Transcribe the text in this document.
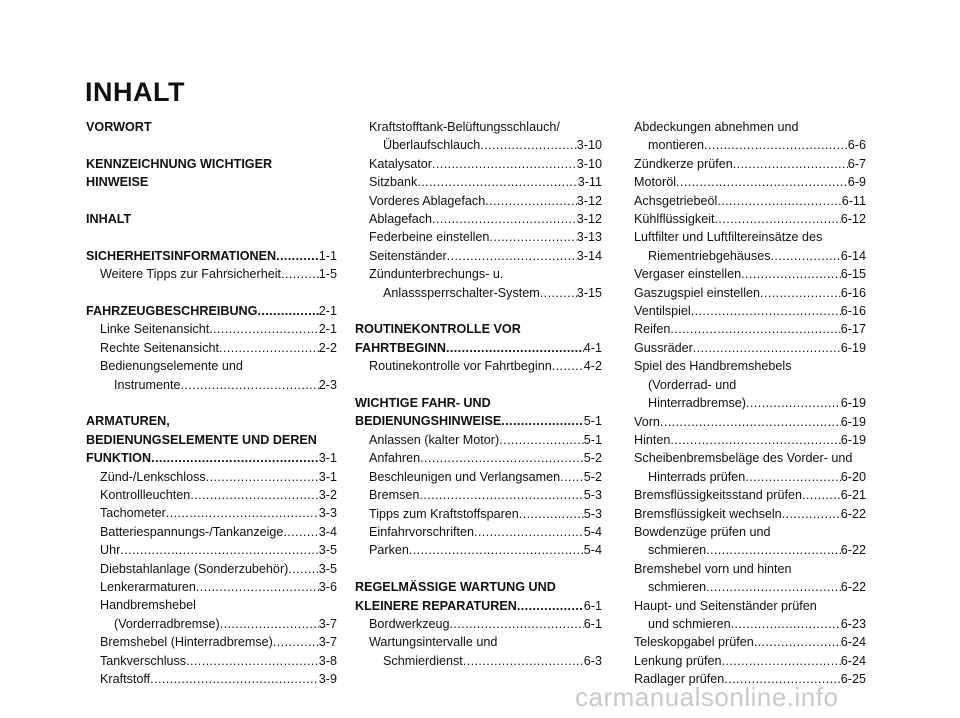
INHALT
VORWORT
KENNZEICHNUNG WICHTIGER
HINWEISE
INHALT
SICHERHEITSINFORMATIONEN .....	1-1
Weitere Tipps zur Fahrsicherheit .....	1-5
FAHRZEUGBESCHREIBUNG .....	2-1
Linke Seitenansicht .....	2-1
Rechte Seitenansicht .....	2-2
Bedienungselemente und
Instrumente .....	2-3
ARMATUREN,
BEDIENUNGSELEMENTE UND DEREN
FUNKTION .....	3-1
Zünd-/Lenkschloss .....	3-1
Kontrollleuchten .....	3-2
Tachometer .....	3-3
Batteriespannungs-/Tankanzeige .....	3-4
Uhr .....	3-5
Diebstahlanlage (Sonderzubehör) ..... 3-5
Lenkerarmaturen .....	3-6
Handbremshebel
(Vorderradbremse) .....	3-7
Bremshebel (Hinterradbremse) .....	3-7
Tankverschluss .....	3-8
Kraftstoff .....	3-9
Kraftstofftank-Belüftungsschlauch/
Überlaufschlauch .....	3-10
Katalysator .....	3-10
Sitzbank .....	3-11
Vorderes Ablagefach .....	3-12
Ablagefach .....	3-12
Federbeine einstellen .....	3-13
Seitenständer .....	3-14
Zündunterbrechungs- u.
Anlasssperrschalter-System .....	3-15
ROUTINEKONTROLLE VOR
FAHRTBEGINN .....	4-1
Routinekontrolle vor Fahrtbeginn .....	4-2
WICHTIGE FAHR- UND
BEDIENUNGSHINWEISE .....	5-1
Anlassen (kalter Motor) .....	5-1
Anfahren .....	5-2
Beschleunigen und Verlangsamen ..... 5-2
Bremsen .....	5-3
Tipps zum Kraftstoffsparen .....	5-3
Einfahrvorschriften .....	5-4
Parken .....	5-4
REGELMÄSSIGE WARTUNG UND
KLEINERE REPARATUREN .....	6-1
Bordwerkzeug .....	6-1
Wartungsintervalle und
Schmierdienst .....	6-3
Abdeckungen abnehmen und
montieren .....	6-6
Zündkerze prüfen .....	6-7
Motoröl .....	6-9
Achsgetriebeöl .....	6-11
Kühlflüssigkeit .....	6-12
Luftfilter und Luftfiltereinsätze des
Riementriebgehäuses .....	6-14
Vergaser einstellen .....	6-15
Gaszugspiel einstellen .....	6-16
Ventilspiel .....	6-16
Reifen .....	6-17
Gussräder .....	6-19
Spiel des Handbremshebels
(Vorderrad- und
Hinterradbremse) .....	6-19
Vorn .....	6-19
Hinten .....	6-19
Scheibenbremsbeläge des Vorder- und
Hinterrads prüfen .....	6-20
Bremsflüssigkeitsstand prüfen .....	6-21
Bremsflüssigkeit wechseln .....	6-22
Bowdenzüge prüfen und
schmieren .....	6-22
Bremshebel vorn und hinten
schmieren .....	6-22
Haupt- und Seitenständer prüfen
und schmieren .....	6-23
Teleskopgabel prüfen .....	6-24
Lenkung prüfen .....	6-24
Radlager prüfen .....	6-25
carmanualsonline.info
